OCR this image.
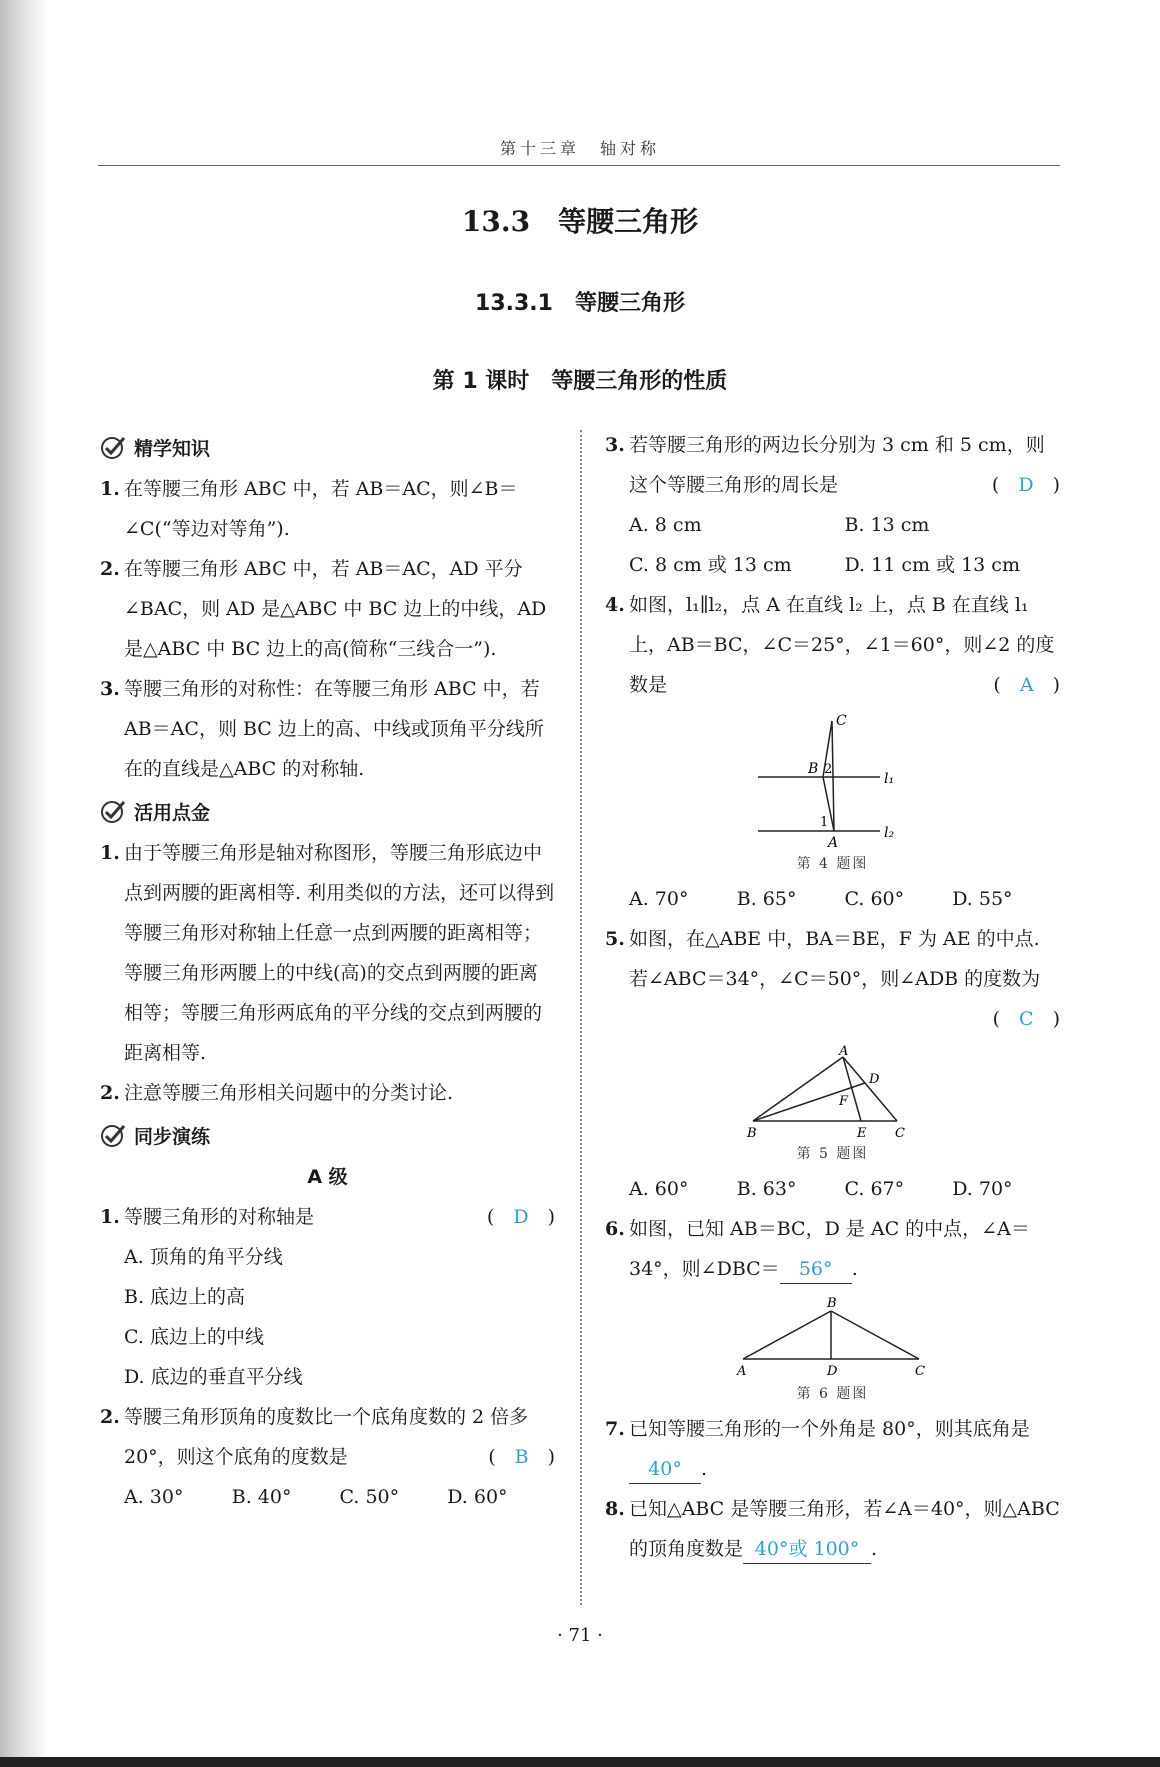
第十三章　轴对称
13.3　等腰三角形
13.3.1　等腰三角形
第 1 课时　等腰三角形的性质
精学知识
1. 在等腰三角形 ABC 中，若 AB＝AC，则∠B＝∠C(“等边对等角”).
2. 在等腰三角形 ABC 中，若 AB＝AC，AD 平分∠BAC，则 AD 是△ABC 中 BC 边上的中线，AD 是△ABC 中 BC 边上的高(简称“三线合一”).
3. 等腰三角形的对称性：在等腰三角形 ABC 中，若 AB＝AC，则 BC 边上的高、中线或顶角平分线所在的直线是△ABC 的对称轴.
活用点金
1. 由于等腰三角形是轴对称图形，等腰三角形底边中点到两腰的距离相等. 利用类似的方法，还可以得到等腰三角形对称轴上任意一点到两腰的距离相等；等腰三角形两腰上的中线(高)的交点到两腰的距离相等；等腰三角形两底角的平分线的交点到两腰的距离相等.
2. 注意等腰三角形相关问题中的分类讨论.
同步演练
A 级
1. 等腰三角形的对称轴是	(　D　)
A. 顶角的角平分线
B. 底边上的高
C. 底边上的中线
D. 底边的垂直平分线
2. 等腰三角形顶角的度数比一个底角度数的 2 倍多 20°，则这个底角的度数是	(　B　)
A. 30°	B. 40°	C. 50°	D. 60°
3. 若等腰三角形的两边长分别为 3 cm 和 5 cm，则这个等腰三角形的周长是	(　D　)
A. 8 cm	B. 13 cm
C. 8 cm 或 13 cm	D. 11 cm 或 13 cm
4. 如图，l₁∥l₂，点 A 在直线 l₂ 上，点 B 在直线 l₁ 上，AB＝BC，∠C＝25°，∠1＝60°，则∠2 的度数是	(　A　)
C
B 2
1
A
l₁
l₂
第 4 题图
A. 70°	B. 65°	C. 60°	D. 55°
5. 如图，在△ABE 中，BA＝BE，F 为 AE 的中点. 若∠ABC＝34°，∠C＝50°，则∠ADB 的度数为
(　C　)
A
D
F
B	E C
第 5 题图
A. 60°	B. 63°	C. 67°	D. 70°
6. 如图，已知 AB＝BC，D 是 AC 的中点，∠A＝34°，则∠DBC＝ 56° .
B
A	D	C
第 6 题图
7. 已知等腰三角形的一个外角是 80°，则其底角是40° .
8. 已知△ABC 是等腰三角形，若∠A＝40°，则△ABC 的顶角度数是 40°或 100° .
· 71 ·
